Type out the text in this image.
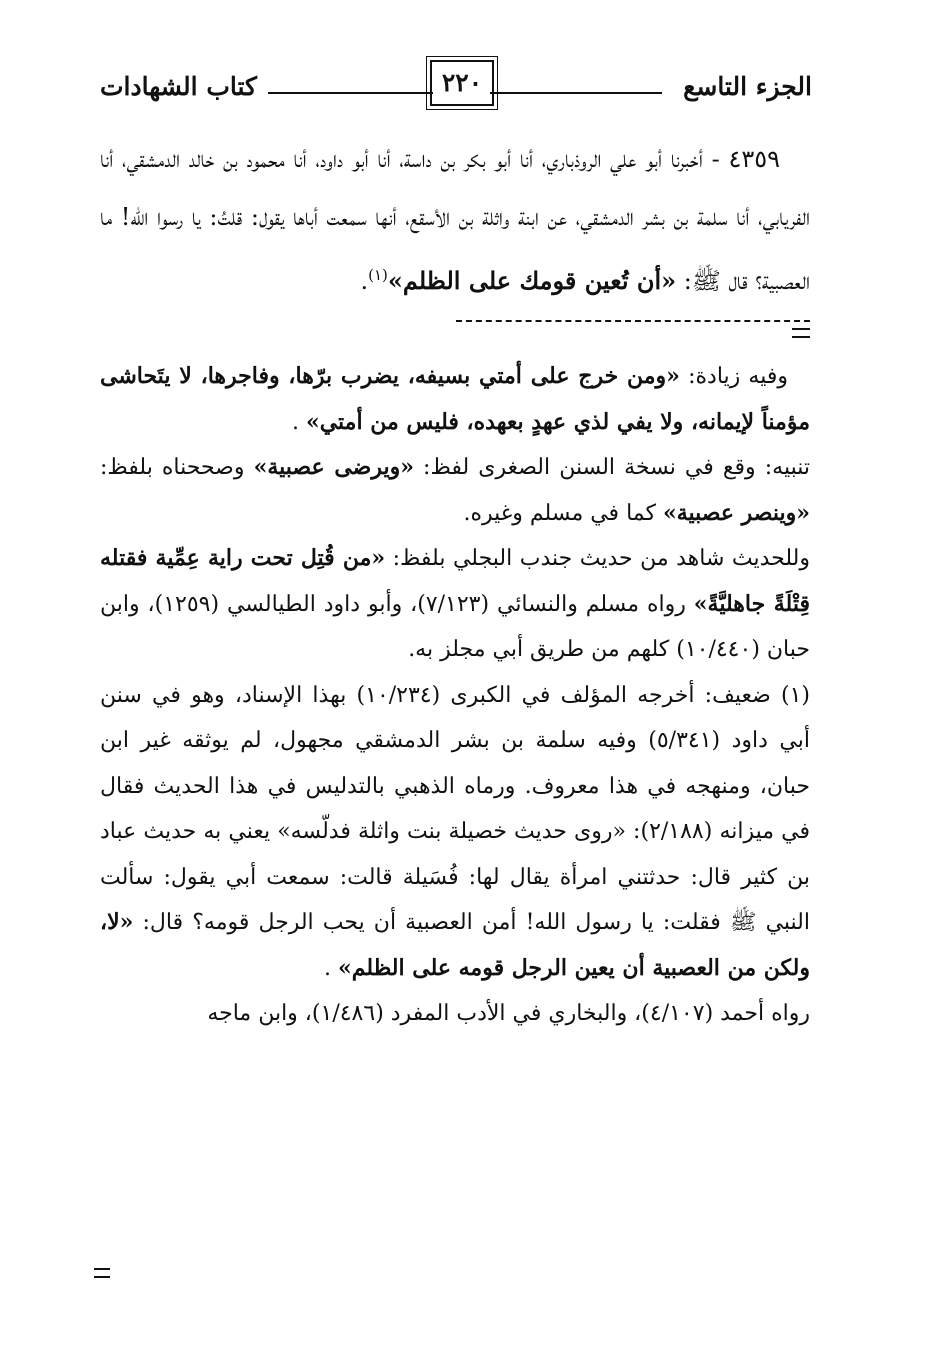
الجزء التاسع
٢٢٠
كتاب الشهادات

٤٣٥٩ - أخبرنا أبو علي الروذباري، أنا أبو بكر بن داسة، أنا أبو داود، أنا محمود بن خالد الدمشقي، أنا الفريابي، أنا سلمة بن بشر الدمشقي، عن ابنة واثلة بن الأسقع، أنها سمعت أباها يقول: قلتُ: يا رسوا الله! ما العصبية؟ قال ﷺ: «أن تُعين قومك على الظلم»$^{(١)}$.

وفيه زيادة: «ومن خرج على أمتي بسيفه، يضرب برّها، وفاجرها، لا يتَحاشى مؤمناً لإيمانه، ولا يفي لذي عهدٍ بعهده، فليس من أمتي» .

تنبيه: وقع في نسخة السنن الصغرى لفظ: «ويرضى عصبية» وصححناه بلفظ: «وينصر عصبية» كما في مسلم وغيره.

وللحديث شاهد من حديث جندب البجلي بلفظ: «من قُتِل تحت راية عِمِّية فقتله قِتْلَةً جاهليَّةً» رواه مسلم والنسائي (٧/١٢٣)، وأبو داود الطيالسي (١٢٥٩)، وابن حبان (١٠/٤٤٠) كلهم من طريق أبي مجلز به.

(١) ضعيف: أخرجه المؤلف في الكبرى (١٠/٢٣٤) بهذا الإسناد، وهو في سنن أبي داود (٥/٣٤١) وفيه سلمة بن بشر الدمشقي مجهول، لم يوثقه غير ابن حبان، ومنهجه في هذا معروف. ورماه الذهبي بالتدليس في هذا الحديث فقال في ميزانه (٢/١٨٨): «روى حديث خصيلة بنت واثلة فدلّسه» يعني به حديث عباد بن كثير قال: حدثتني امرأة يقال لها: فُسَيلة قالت: سمعت أبي يقول: سألت النبي ﷺ فقلت: يا رسول الله! أمن العصبية أن يحب الرجل قومه؟ قال: «لا، ولكن من العصبية أن يعين الرجل قومه على الظلم» .

رواه أحمد (٤/١٠٧)، والبخاري في الأدب المفرد (١/٤٨٦)، وابن ماجه
